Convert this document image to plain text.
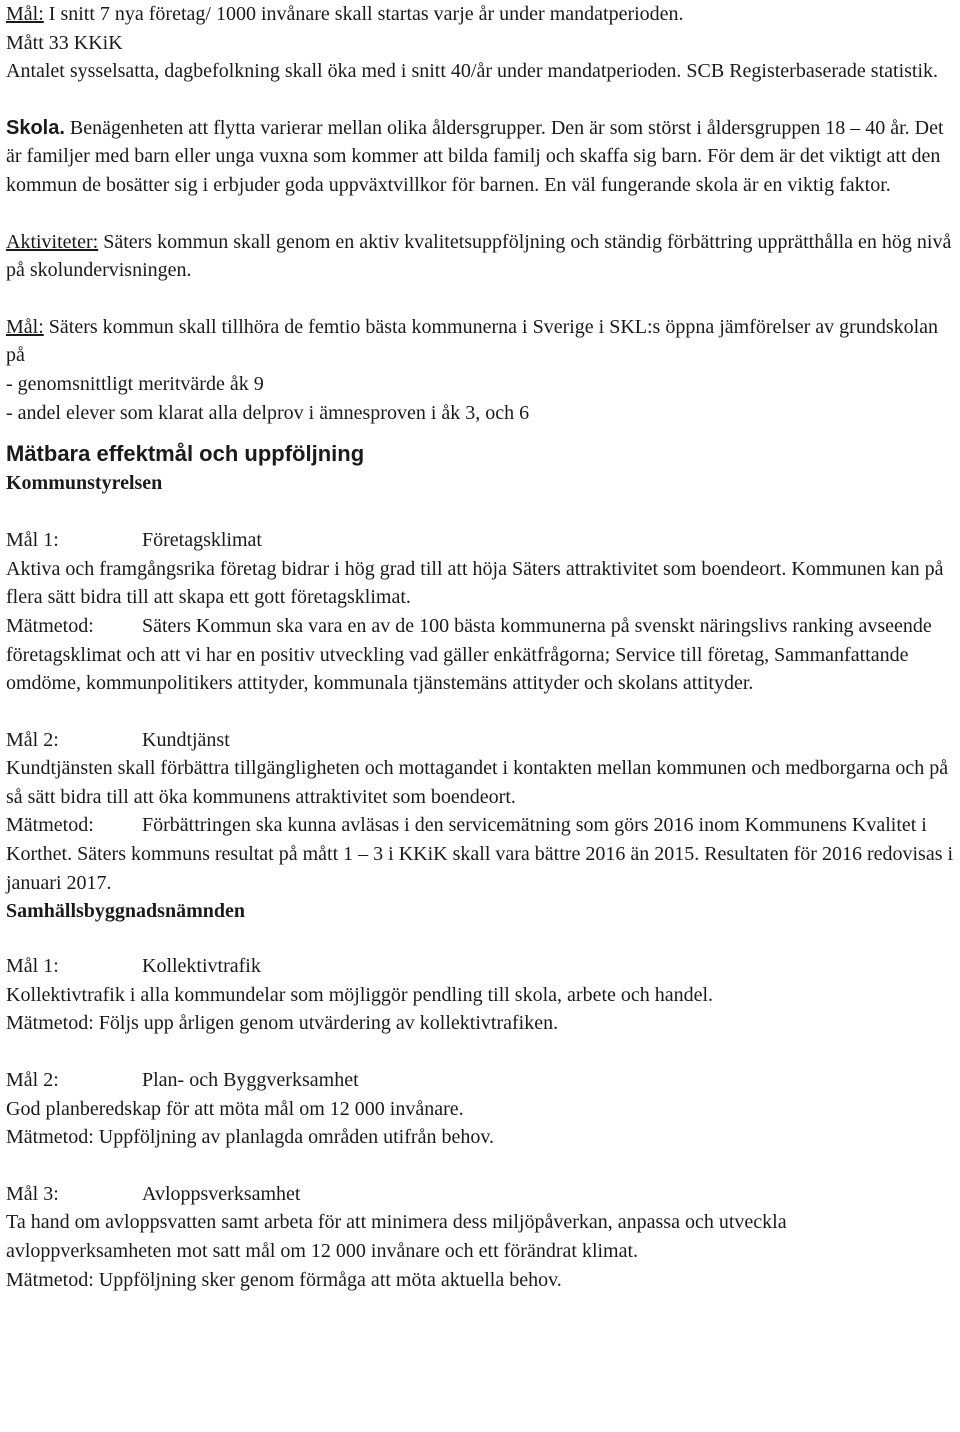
Mål: I snitt 7 nya företag/ 1000 invånare skall startas varje år under mandatperioden.

Mått 33 KKiK

Antalet sysselsatta, dagbefolkning skall öka med i snitt 40/år under mandatperioden. SCB Registerbaserade statistik.

Skola. Benägenheten att flytta varierar mellan olika åldersgrupper. Den är som störst i åldersgruppen 18 – 40 år. Det är familjer med barn eller unga vuxna som kommer att bilda familj och skaffa sig barn. För dem är det viktigt att den kommun de bosätter sig i erbjuder goda uppväxtvillkor för barnen. En väl fungerande skola är en viktig faktor.

Aktiviteter: Säters kommun skall genom en aktiv kvalitetsuppföljning och ständig förbättring upprätthålla en hög nivå på skolundervisningen.

Mål: Säters kommun skall tillhöra de femtio bästa kommunerna i Sverige i SKL:s öppna jämförelser av grundskolan på

- genomsnittligt meritvärde åk 9

- andel elever som klarat alla delprov i ämnesproven i åk 3, och 6

Mätbara effektmål och uppföljning
Kommunstyrelsen

Mål 1:	Företagsklimat

Aktiva och framgångsrika företag bidrar i hög grad till att höja Säters attraktivitet som boendeort. Kommunen kan på flera sätt bidra till att skapa ett gott företagsklimat.

Mätmetod: Säters Kommun ska vara en av de 100 bästa kommunerna på svenskt näringslivs ranking avseende företagsklimat och att vi har en positiv utveckling vad gäller enkätfrågorna; Service till företag, Sammanfattande omdöme, kommunpolitikers attityder, kommunala tjänstemäns attityder och skolans attityder.

Mål 2:	Kundtjänst

Kundtjänsten skall förbättra tillgängligheten och mottagandet i kontakten mellan kommunen och medborgarna och på så sätt bidra till att öka kommunens attraktivitet som boendeort.

Mätmetod: Förbättringen ska kunna avläsas i den servicemätning som görs 2016 inom Kommunens Kvalitet i Korthet. Säters kommuns resultat på mått 1 – 3 i KKiK skall vara bättre 2016 än 2015. Resultaten för 2016 redovisas i januari 2017.

Samhällsbyggnadsnämnden

Mål 1:	Kollektivtrafik

Kollektivtrafik i alla kommundelar som möjliggör pendling till skola, arbete och handel.

Mätmetod: Följs upp årligen genom utvärdering av kollektivtrafiken.

Mål 2:	Plan- och Byggverksamhet

God planberedskap för att möta mål om 12 000 invånare.

Mätmetod: Uppföljning av planlagda områden utifrån behov.

Mål 3:	Avloppsverksamhet

Ta hand om avloppsvatten samt arbeta för att minimera dess miljöpåverkan, anpassa och utveckla avloppverksamheten mot satt mål om 12 000 invånare och ett förändrat klimat.

Mätmetod: Uppföljning sker genom förmåga att möta aktuella behov.
